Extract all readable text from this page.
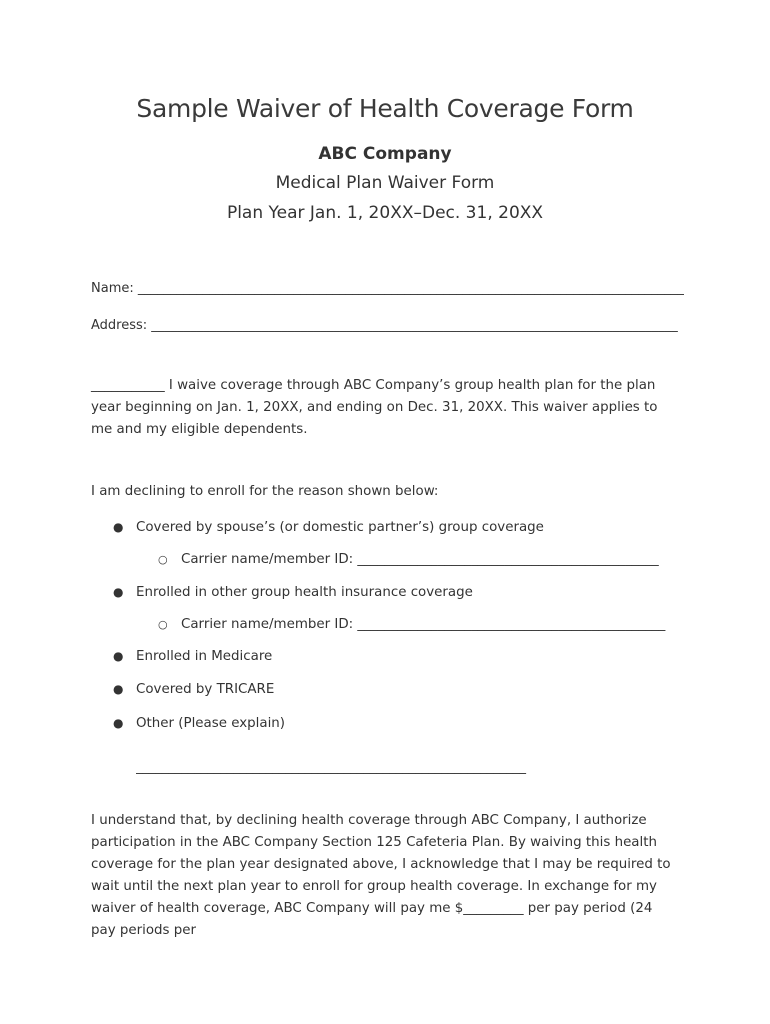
Sample Waiver of Health Coverage Form
ABC Company
Medical Plan Waiver Form
Plan Year Jan. 1, 20XX–Dec. 31, 20XX
Name: ____________________________________________________________________________________
Address: _________________________________________________________________________________
___________ I waive coverage through ABC Company’s group health plan for the plan year beginning on Jan. 1, 20XX, and ending on Dec. 31, 20XX. This waiver applies to me and my eligible dependents.
I am declining to enroll for the reason shown below:
● Covered by spouse’s (or domestic partner’s) group coverage
○ Carrier name/member ID: _____________________________________________
● Enrolled in other group health insurance coverage
○ Carrier name/member ID: ______________________________________________
● Enrolled in Medicare
● Covered by TRICARE
● Other (Please explain)
____________________________________________________________
I understand that, by declining health coverage through ABC Company, I authorize participation in the ABC Company Section 125 Cafeteria Plan. By waiving this health coverage for the plan year designated above, I acknowledge that I may be required to wait until the next plan year to enroll for group health coverage. In exchange for my waiver of health coverage, ABC Company will pay me $_________ per pay period (24 pay periods per
